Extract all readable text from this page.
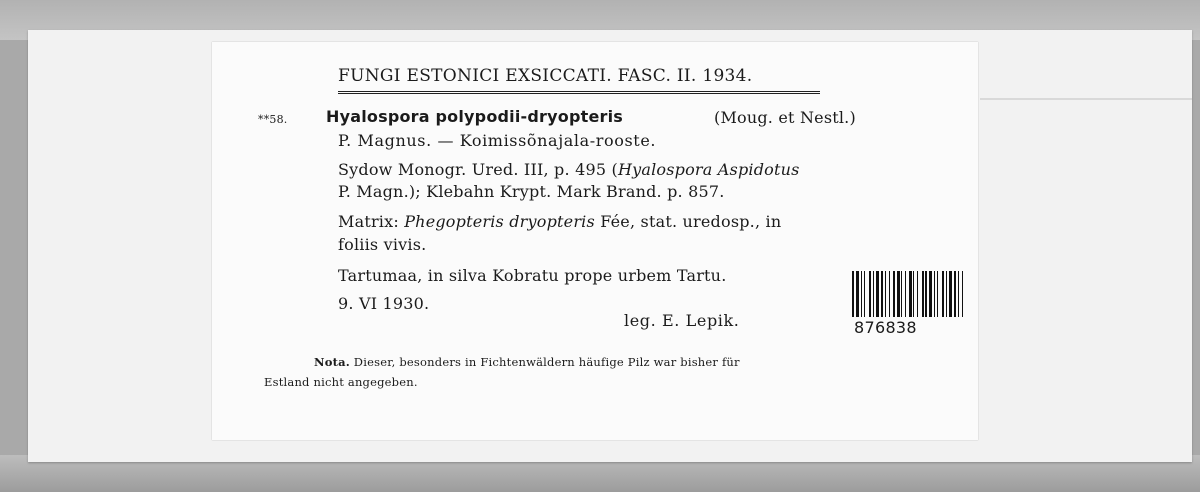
FUNGI ESTONICI EXSICCATI. FASC. II. 1934.
**58. Hyalospora polypodii-dryopteris	(Moug. et Nestl.)
P. Magnus. — Koimissõnajala-rooste.
Sydow Monogr. Ured. III, p. 495 (Hyalospora Aspidotus
P. Magn.); Klebahn Krypt. Mark Brand. p. 857.
Matrix: Phegopteris dryopteris Fée, stat. uredosp., in
foliis vivis.
Tartumaa, in silva Kobratu prope urbem Tartu.
9. VI 1930.
leg. E. Lepik.
Nota. Dieser, besonders in Fichtenwäldern häufige Pilz war bisher für
Estland nicht angegeben.
876838
